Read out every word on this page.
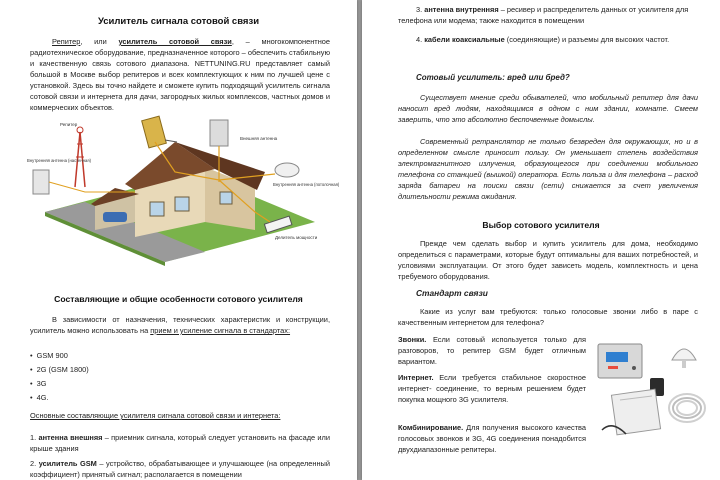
Усилитель сигнала сотовой связи
Репитер, или усилитель сотовой связи, – многокомпонентное радиотехническое оборудование, предназначенное которого – обеспечить стабильную и качественную связь сотового диапазона. NETTUNING.RU представляет самый большой в Москве выбор репитеров и всех комплектующих к ним по лучшей цене с установкой. Здесь вы точно найдете и сможете купить подходящий усилитель сигнала сотовой связи и интернета для дачи, загородных жилых комплексов, частных домов и коммерческих объектов.
Репитер
Внешняя антенна
Внутренняя антенна (настенная)
Внутренняя антенна (потолочная)
Делитель мощности
Составляющие и общие особенности сотового усилителя
В зависимости от назначения, технических характеристик и конструкции, усилитель можно использовать на прием и усиление сигнала в стандартах:
• GSM 900
• 2G (GSM 1800)
• 3G
• 4G.
Основные составляющие усилителя сигнала сотовой связи и интернета:
1. антенна внешняя – приемник сигнала, который следует установить на фасаде или крыше здания
2. усилитель GSM – устройство, обрабатывающее и улучшающее (на определенный коэффициент) принятый сигнал; располагается в помещении
3. антенна внутренняя – ресивер и распределитель данных от усилителя для телефона или модема; также находится в помещении
4. кабели коаксиальные (соединяющие) и разъемы для высоких частот.
Сотовый усилитель: вред или бред?
Существует мнение среди обывателей, что мобильный репитер для дачи наносит вред людям, находящимся в одном с ним здании, комнате. Смеем заверить, что это абсолютно беспочвенные домыслы.
Современный ретранслятор не только безвреден для окружающих, но и в определенном смысле приносит пользу. Он уменьшает степень воздействия электромагнитного излучения, образующегося при соединении мобильного телефона со станцией (вышкой) оператора. Есть польза и для телефона – расход заряда батареи на поиски связи (сети) снижается за счет увеличения длительности режима ожидания.
Выбор сотового усилителя
Прежде чем сделать выбор и купить усилитель для дома, необходимо определиться с параметрами, которые будут оптимальны для ваших потребностей, и условиями эксплуатации. От этого будет зависеть модель, комплектность и цена требуемого оборудования.
Стандарт связи
Какие из услуг вам требуются: только голосовые звонки либо в паре с качественным интернетом для телефона?
Звонки. Если сотовый используется только для разговоров, то репитер GSM будет отличным вариантом.
Интернет. Если требуется стабильное скоростное интернет- соединение, то верным решением будет покупка мощного 3G усилителя.
Комбинирование. Для получения высокого качества голосовых звонков и 3G, 4G соединения понадобится двухдиапазонные репитеры.
